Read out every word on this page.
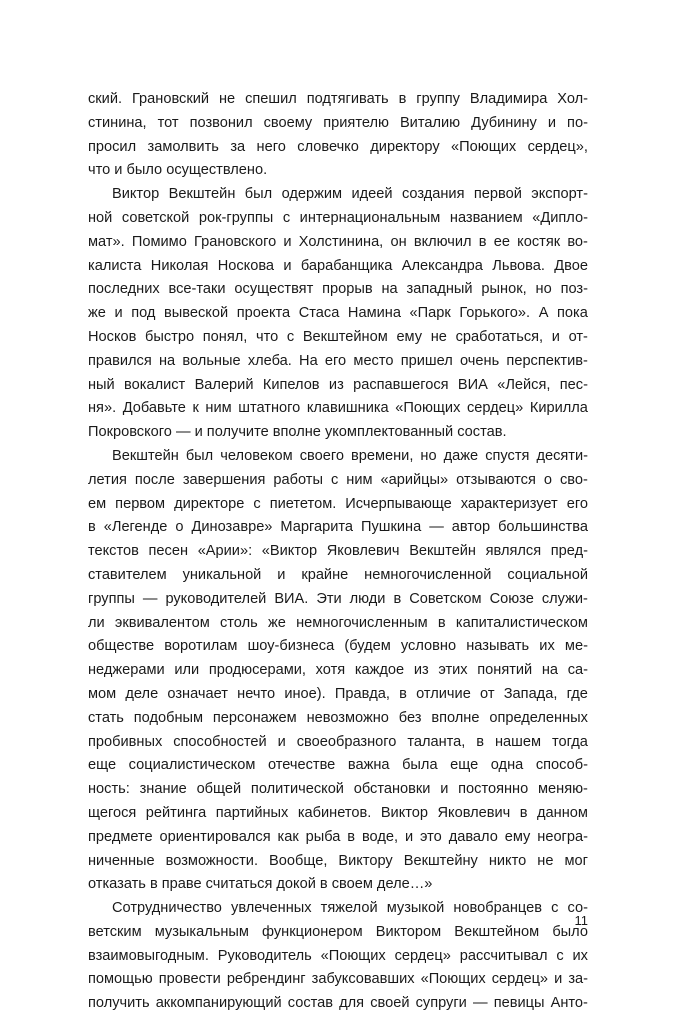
ский. Грановский не спешил подтягивать в группу Владимира Хол-
стинина, тот позвонил своему приятелю Виталию Дубинину и по-
просил замолвить за него словечко директору «Поющих сердец»,
что и было осуществлено.
Виктор Векштейн был одержим идеей создания первой экспорт-
ной советской рок-группы с интернациональным названием «Дипло-
мат». Помимо Грановского и Холстинина, он включил в ее костяк во-
калиста Николая Носкова и барабанщика Александра Львова. Двое
последних все-таки осуществят прорыв на западный рынок, но поз-
же и под вывеской проекта Стаса Намина «Парк Горького». А пока
Носков быстро понял, что с Векштейном ему не сработаться, и от-
правился на вольные хлеба. На его место пришел очень перспектив-
ный вокалист Валерий Кипелов из распавшегося ВИА «Лейся, пес-
ня». Добавьте к ним штатного клавишника «Поющих сердец» Кирилла
Покровского — и получите вполне укомплектованный состав.
Векштейн был человеком своего времени, но даже спустя десяти-
летия после завершения работы с ним «арийцы» отзываются о сво-
ем первом директоре с пиететом. Исчерпывающе характеризует его
в «Легенде о Динозавре» Маргарита Пушкина — автор большинства
текстов песен «Арии»: «Виктор Яковлевич Векштейн являлся пред-
ставителем уникальной и крайне немногочисленной социальной
группы — руководителей ВИА. Эти люди в Советском Союзе служи-
ли эквивалентом столь же немногочисленным в капиталистическом
обществе воротилам шоу-бизнеса (будем условно называть их ме-
неджерами или продюсерами, хотя каждое из этих понятий на са-
мом деле означает нечто иное). Правда, в отличие от Запада, где
стать подобным персонажем невозможно без вполне определенных
пробивных способностей и своеобразного таланта, в нашем тогда
еще социалистическом отечестве важна была еще одна способ-
ность: знание общей политической обстановки и постоянно меняю-
щегося рейтинга партийных кабинетов. Виктор Яковлевич в данном
предмете ориентировался как рыба в воде, и это давало ему неогра-
ниченные возможности. Вообще, Виктору Векштейну никто не мог
отказать в праве считаться докой в своем деле…»
Сотрудничество увлеченных тяжелой музыкой новобранцев с со-
ветским музыкальным функционером Виктором Векштейном было
взаимовыгодным. Руководитель «Поющих сердец» рассчитывал с их
помощью провести ребрендинг забуксовавших «Поющих сердец» и за-
получить аккомпанирующий состав для своей супруги — певицы Анто-
11
